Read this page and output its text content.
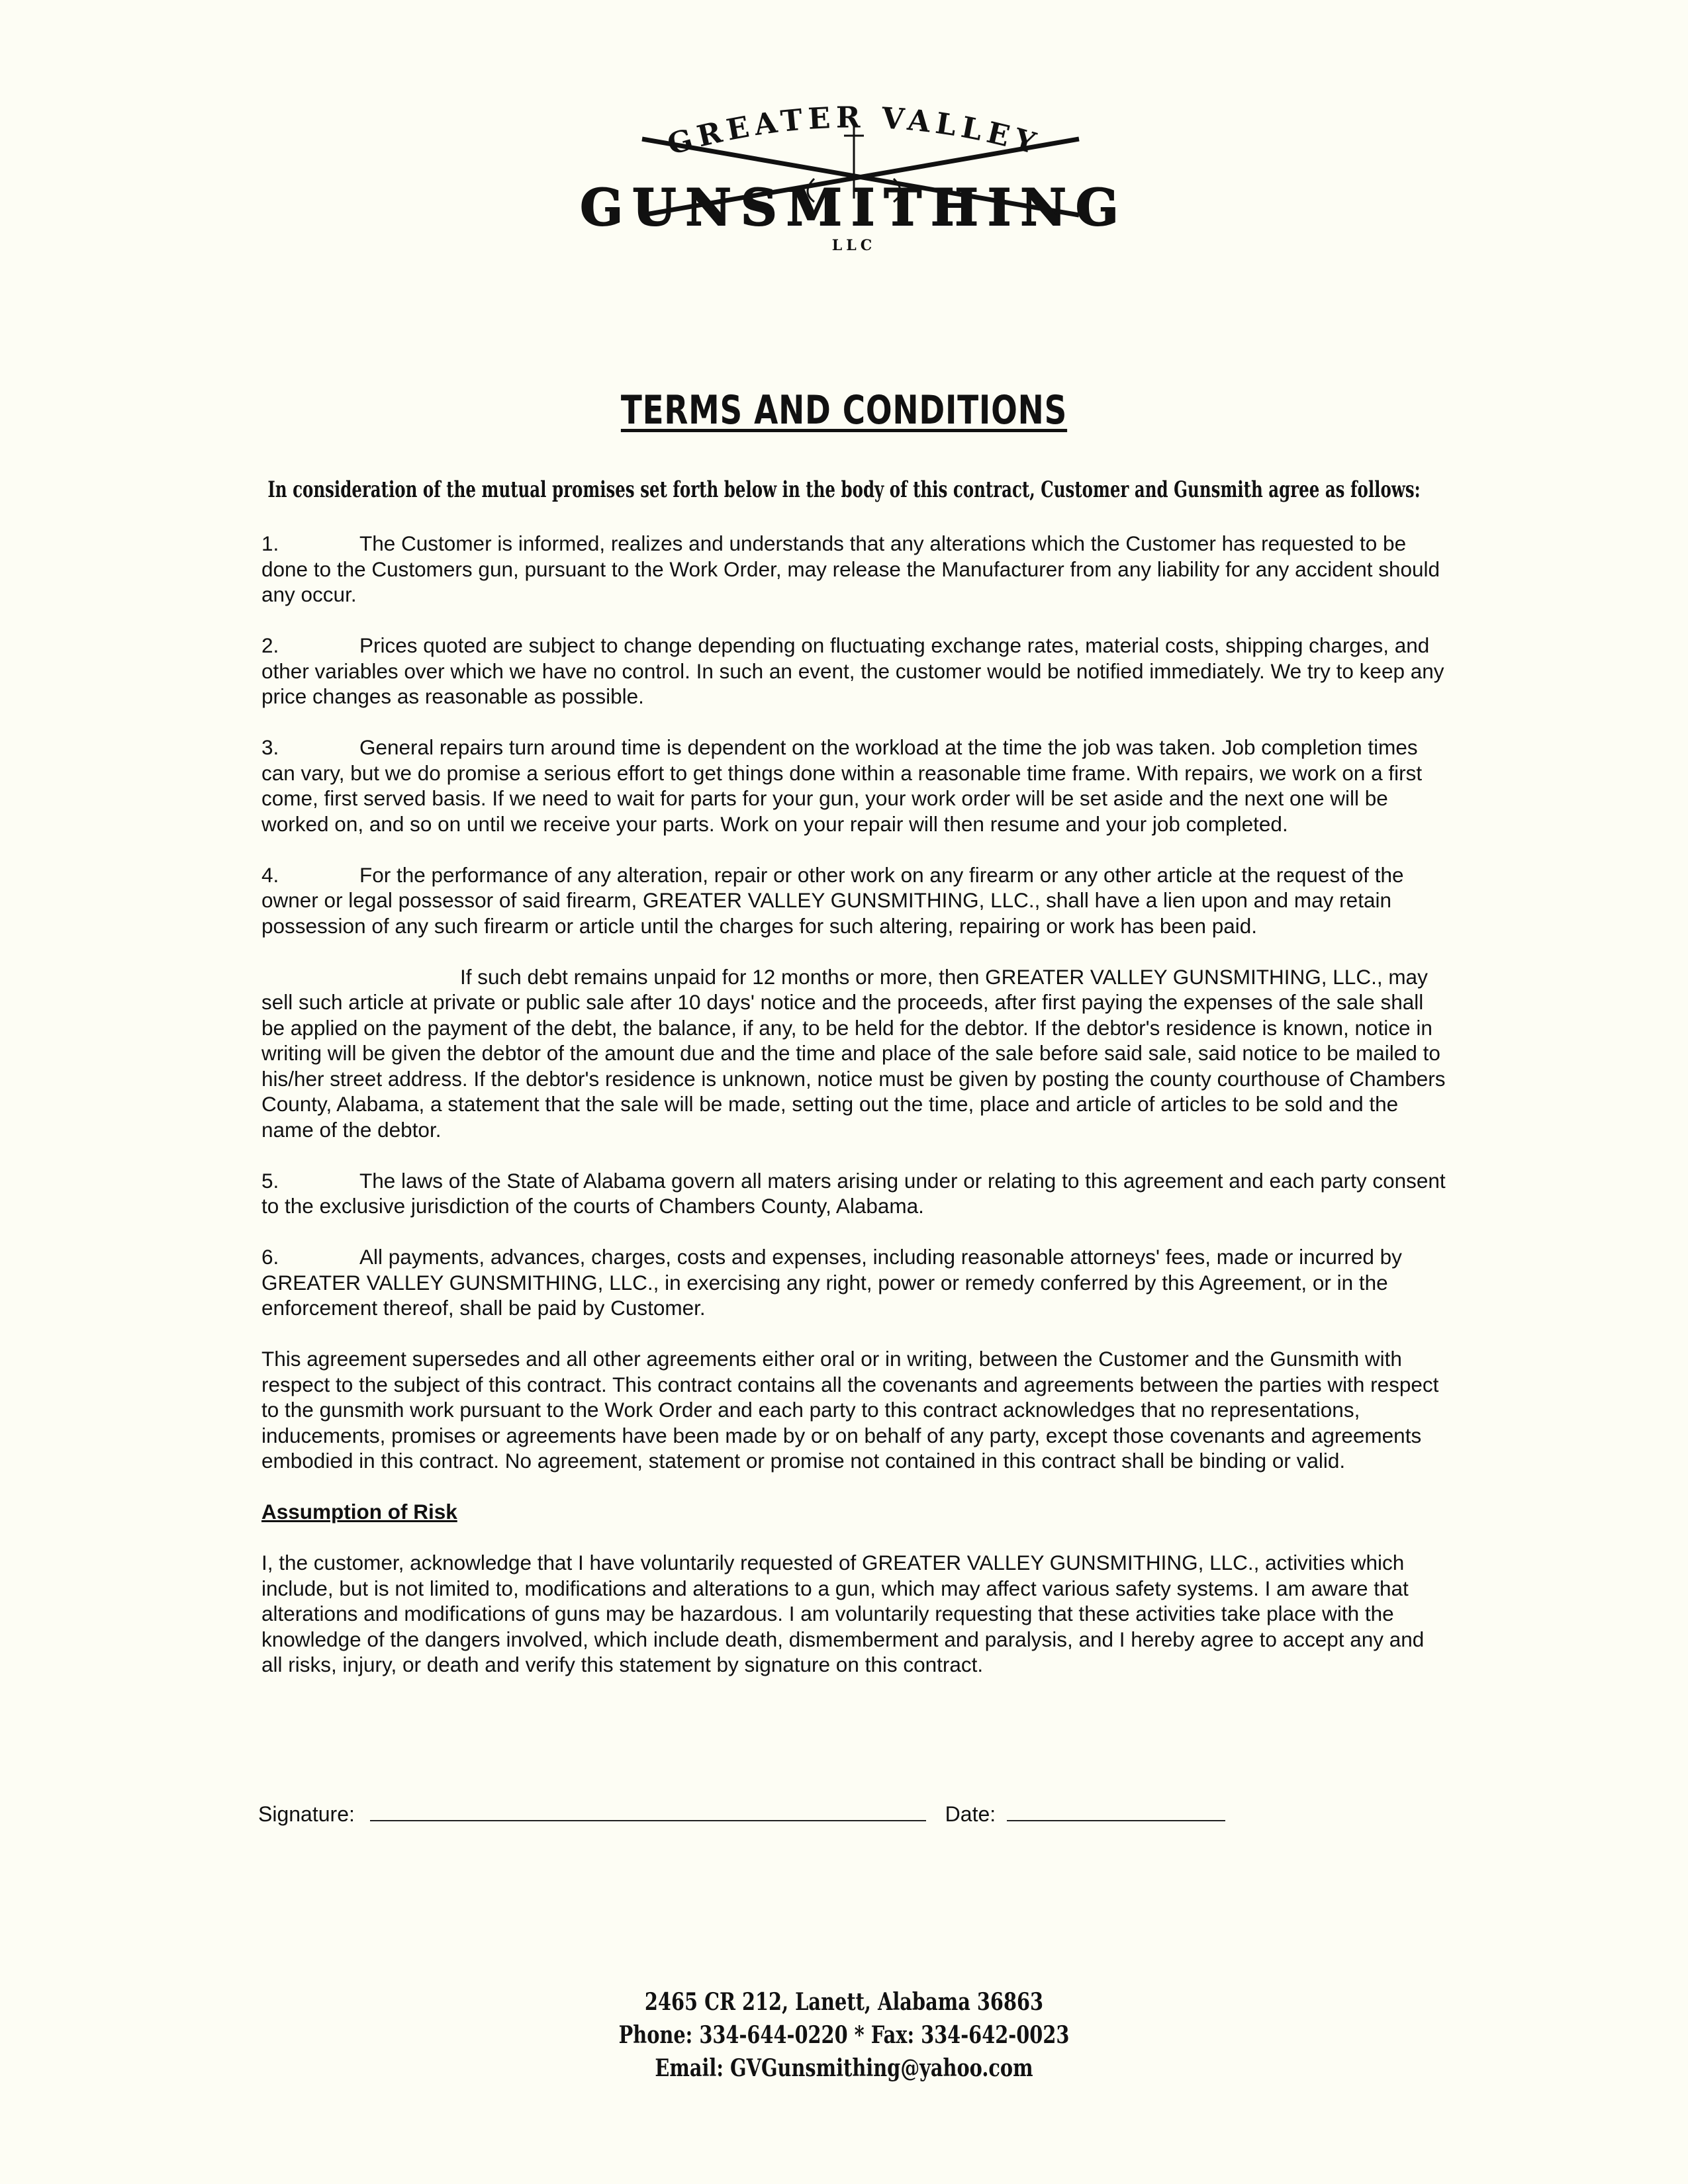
GREATER VALLEY
GUNSMITHING
LLC
TERMS AND CONDITIONS
In consideration of the mutual promises set forth below in the body of this contract, Customer and Gunsmith agree as follows:

1.	The Customer is informed, realizes and understands that any alterations which the Customer has requested to be done to the Customers gun, pursuant to the Work Order, may release the Manufacturer from any liability for any accident should any occur.

2.	Prices quoted are subject to change depending on fluctuating exchange rates, material costs, shipping charges, and other variables over which we have no control. In such an event, the customer would be notified immediately. We try to keep any price changes as reasonable as possible.

3.	General repairs turn around time is dependent on the workload at the time the job was taken. Job completion times can vary, but we do promise a serious effort to get things done within a reasonable time frame. With repairs, we work on a first come, first served basis. If we need to wait for parts for your gun, your work order will be set aside and the next one will be worked on, and so on until we receive your parts. Work on your repair will then resume and your job completed.

4.	For the performance of any alteration, repair or other work on any firearm or any other article at the request of the owner or legal possessor of said firearm, GREATER VALLEY GUNSMITHING, LLC., shall have a lien upon and may retain possession of any such firearm or article until the charges for such altering, repairing or work has been paid.

If such debt remains unpaid for 12 months or more, then GREATER VALLEY GUNSMITHING, LLC., may sell such article at private or public sale after 10 days' notice and the proceeds, after first paying the expenses of the sale shall be applied on the payment of the debt, the balance, if any, to be held for the debtor. If the debtor's residence is known, notice in writing will be given the debtor of the amount due and the time and place of the sale before said sale, said notice to be mailed to his/her street address. If the debtor's residence is unknown, notice must be given by posting the county courthouse of Chambers County, Alabama, a statement that the sale will be made, setting out the time, place and article of articles to be sold and the name of the debtor.

5.	The laws of the State of Alabama govern all maters arising under or relating to this agreement and each party consent to the exclusive jurisdiction of the courts of Chambers County, Alabama.

6.	All payments, advances, charges, costs and expenses, including reasonable attorneys' fees, made or incurred by GREATER VALLEY GUNSMITHING, LLC., in exercising any right, power or remedy conferred by this Agreement, or in the enforcement thereof, shall be paid by Customer.

This agreement supersedes and all other agreements either oral or in writing, between the Customer and the Gunsmith with respect to the subject of this contract. This contract contains all the covenants and agreements between the parties with respect to the gunsmith work pursuant to the Work Order and each party to this contract acknowledges that no representations, inducements, promises or agreements have been made by or on behalf of any party, except those covenants and agreements embodied in this contract. No agreement, statement or promise not contained in this contract shall be binding or valid.

Assumption of Risk

I, the customer, acknowledge that I have voluntarily requested of GREATER VALLEY GUNSMITHING, LLC., activities which include, but is not limited to, modifications and alterations to a gun, which may affect various safety systems. I am aware that alterations and modifications of guns may be hazardous. I am voluntarily requesting that these activities take place with the knowledge of the dangers involved, which include death, dismemberment and paralysis, and I hereby agree to accept any and all risks, injury, or death and verify this statement by signature on this contract.

Signature:	Date:
2465 CR 212, Lanett, Alabama 36863
Phone: 334-644-0220 * Fax: 334-642-0023
Email: GVGunsmithing@yahoo.com
